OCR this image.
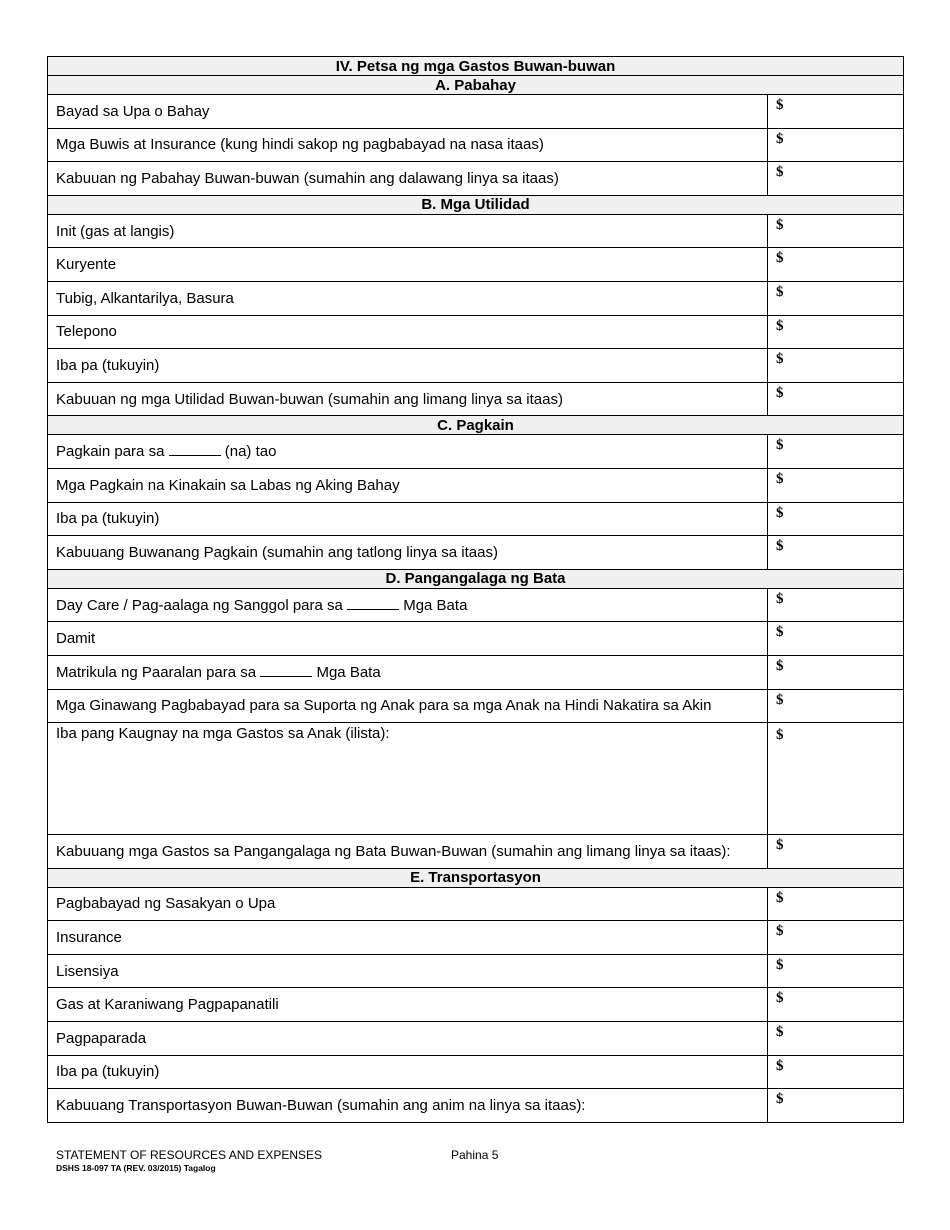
IV. Petsa ng mga Gastos Buwan-buwan	
A. Pabahay	
Bayad sa Upa o Bahay	$
Mga Buwis at Insurance (kung hindi sakop ng pagbabayad na nasa itaas)	$
Kabuuan ng Pabahay Buwan-buwan (sumahin ang dalawang linya sa itaas)	$
B. Mga Utilidad	
Init (gas at langis)	$
Kuryente	$
Tubig, Alkantarilya, Basura	$
Telepono	$
Iba pa (tukuyin)	$
Kabuuan ng mga Utilidad Buwan-buwan (sumahin ang limang linya sa itaas)	$
C. Pagkain	
Pagkain para sa (na) tao	$
Mga Pagkain na Kinakain sa Labas ng Aking Bahay	$
Iba pa (tukuyin)	$
Kabuuang Buwanang Pagkain (sumahin ang tatlong linya sa itaas)	$
D. Pangangalaga ng Bata	
Day Care / Pag-aalaga ng Sanggol para sa Mga Bata	$
Damit	$
Matrikula ng Paaralan para sa Mga Bata	$
Mga Ginawang Pagbabayad para sa Suporta ng Anak para sa mga Anak na Hindi Nakatira sa Akin	$
Iba pang Kaugnay na mga Gastos sa Anak (ilista):	$
Kabuuang mga Gastos sa Pangangalaga ng Bata Buwan-Buwan (sumahin ang limang linya sa itaas):	$
E. Transportasyon	
Pagbabayad ng Sasakyan o Upa	$
Insurance	$
Lisensiya	$
Gas at Karaniwang Pagpapanatili	$
Pagpaparada	$
Iba pa (tukuyin)	$
Kabuuang Transportasyon Buwan-Buwan (sumahin ang anim na linya sa itaas):	$
STATEMENT OF RESOURCES AND EXPENSES	Pahina 5
DSHS 18-097 TA (REV. 03/2015) Tagalog
